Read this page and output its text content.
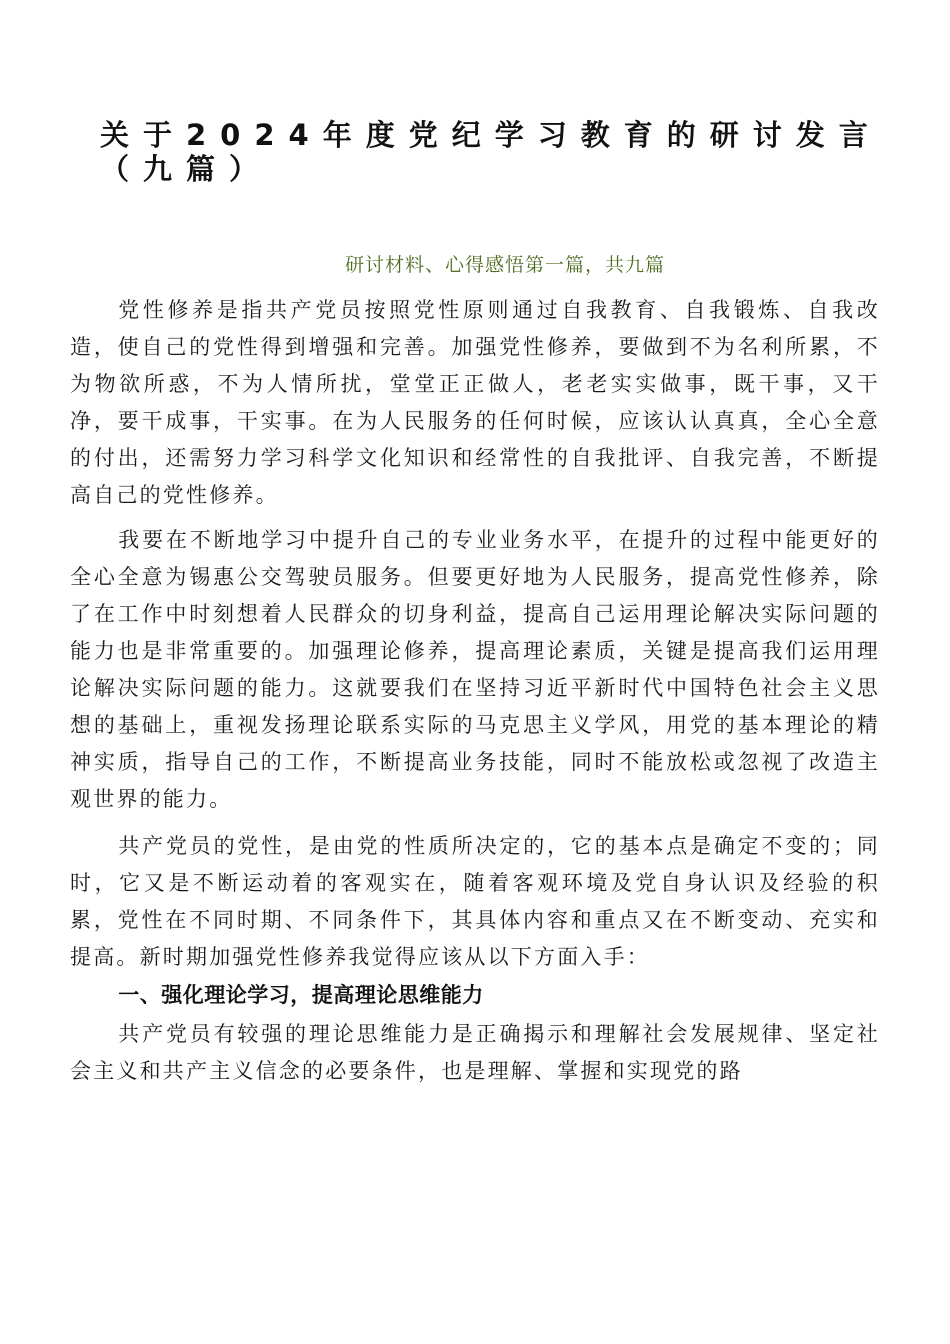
关于2024年度党纪学习教育的研讨发言（九篇）

研讨材料、心得感悟第一篇，共九篇

党性修养是指共产党员按照党性原则通过自我教育、自我锻炼、自我改造，使自己的党性得到增强和完善。加强党性修养，要做到不为名利所累，不为物欲所惑，不为人情所扰，堂堂正正做人，老老实实做事，既干事，又干净，要干成事，干实事。在为人民服务的任何时候，应该认认真真，全心全意的付出，还需努力学习科学文化知识和经常性的自我批评、自我完善，不断提高自己的党性修养。

我要在不断地学习中提升自己的专业业务水平，在提升的过程中能更好的全心全意为锡惠公交驾驶员服务。但要更好地为人民服务，提高党性修养，除了在工作中时刻想着人民群众的切身利益，提高自己运用理论解决实际问题的能力也是非常重要的。加强理论修养，提高理论素质，关键是提高我们运用理论解决实际问题的能力。这就要我们在坚持习近平新时代中国特色社会主义思想的基础上，重视发扬理论联系实际的马克思主义学风，用党的基本理论的精神实质，指导自己的工作，不断提高业务技能，同时不能放松或忽视了改造主观世界的能力。

共产党员的党性，是由党的性质所决定的，它的基本点是确定不变的；同时，它又是不断运动着的客观实在，随着客观环境及党自身认识及经验的积累，党性在不同时期、不同条件下，其具体内容和重点又在不断变动、充实和提高。新时期加强党性修养我觉得应该从以下方面入手：

一、强化理论学习，提高理论思维能力

共产党员有较强的理论思维能力是正确揭示和理解社会发展规律、坚定社会主义和共产主义信念的必要条件，也是理解、掌握和实现党的路
